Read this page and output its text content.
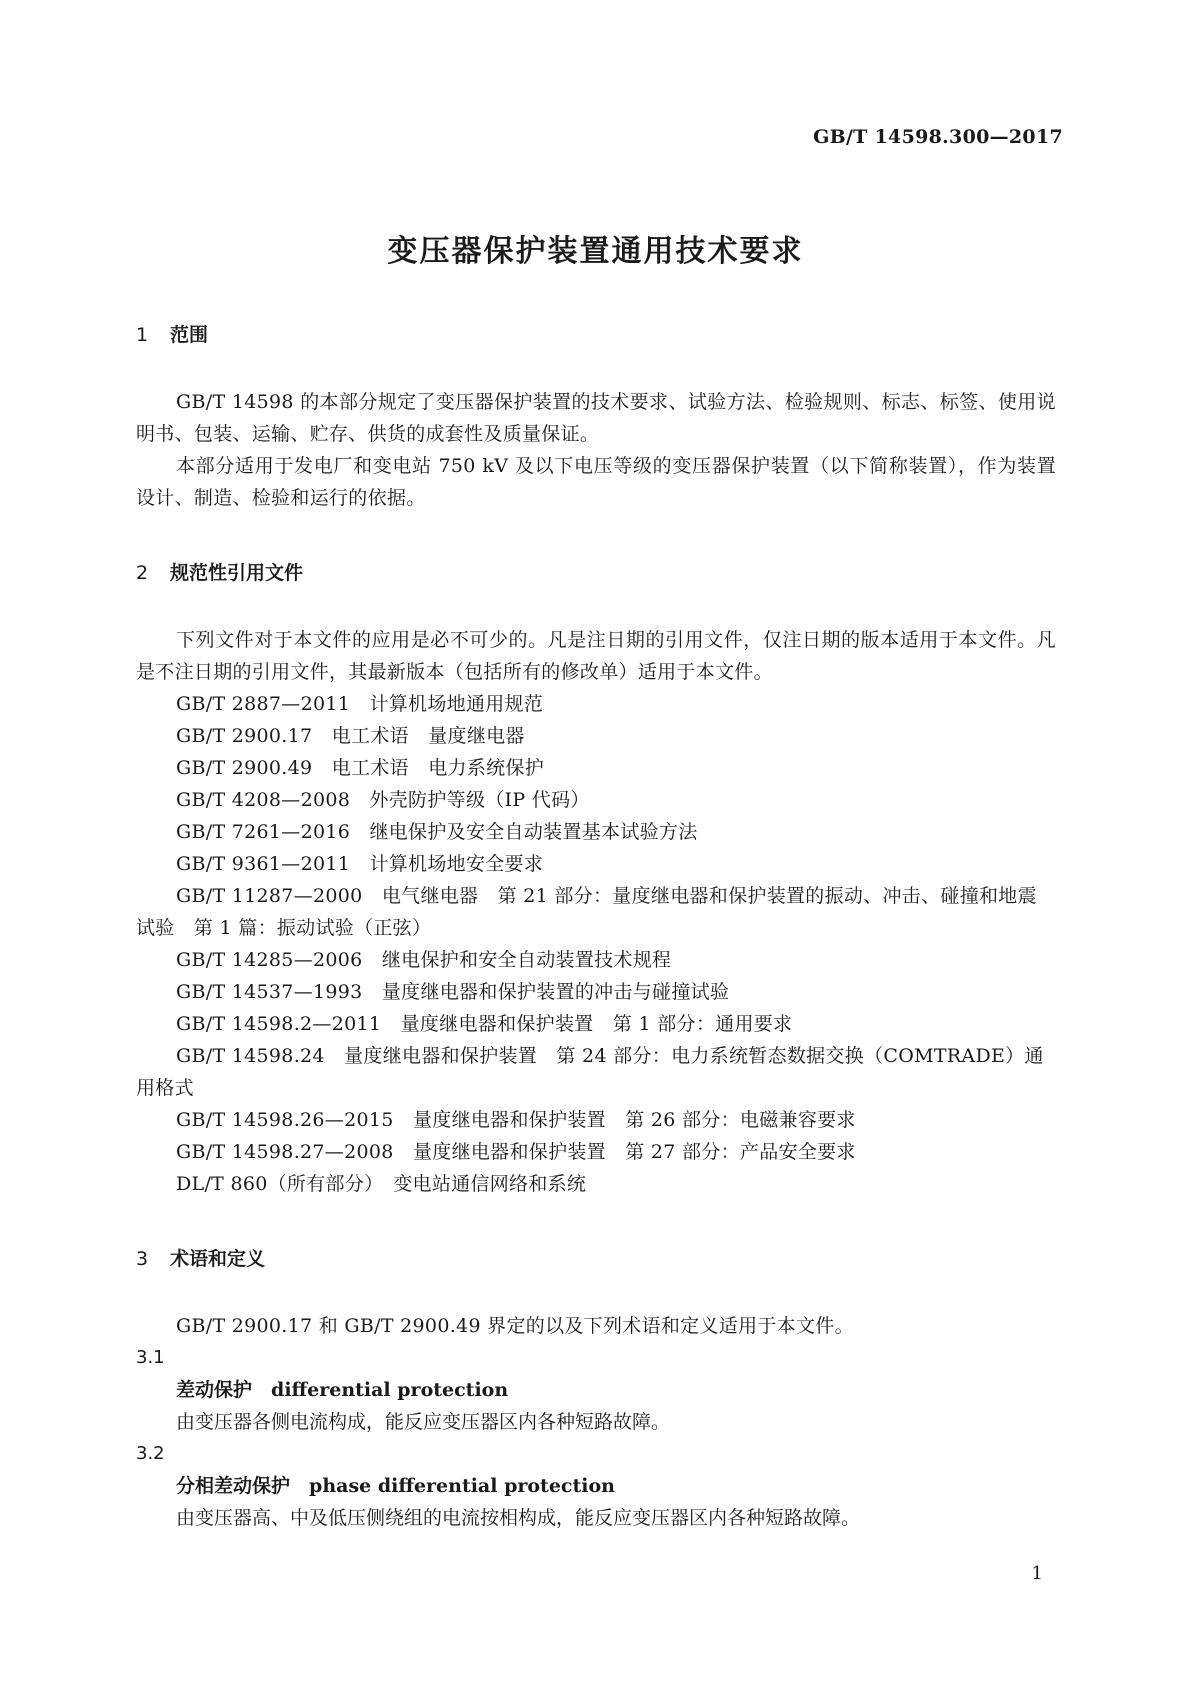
GB/T 14598.300—2017
变压器保护装置通用技术要求
1 范围

GB/T 14598 的本部分规定了变压器保护装置的技术要求、试验方法、检验规则、标志、标签、使用说明书、包装、运输、贮存、供货的成套性及质量保证。

本部分适用于发电厂和变电站 750 kV 及以下电压等级的变压器保护装置（以下简称装置），作为装置设计、制造、检验和运行的依据。

2 规范性引用文件

下列文件对于本文件的应用是必不可少的。凡是注日期的引用文件，仅注日期的版本适用于本文件。凡是不注日期的引用文件，其最新版本（包括所有的修改单）适用于本文件。

GB/T 2887—2011　计算机场地通用规范

GB/T 2900.17　电工术语　量度继电器

GB/T 2900.49　电工术语　电力系统保护

GB/T 4208—2008　外壳防护等级（IP 代码）

GB/T 7261—2016　继电保护及安全自动装置基本试验方法

GB/T 9361—2011　计算机场地安全要求

GB/T 11287—2000　电气继电器　第 21 部分：量度继电器和保护装置的振动、冲击、碰撞和地震试验　第 1 篇：振动试验（正弦）

GB/T 14285—2006　继电保护和安全自动装置技术规程

GB/T 14537—1993　量度继电器和保护装置的冲击与碰撞试验

GB/T 14598.2—2011　量度继电器和保护装置　第 1 部分：通用要求

GB/T 14598.24　量度继电器和保护装置　第 24 部分：电力系统暂态数据交换（COMTRADE）通用格式

GB/T 14598.26—2015　量度继电器和保护装置　第 26 部分：电磁兼容要求

GB/T 14598.27—2008　量度继电器和保护装置　第 27 部分：产品安全要求

DL/T 860（所有部分）　变电站通信网络和系统

3 术语和定义

GB/T 2900.17 和 GB/T 2900.49 界定的以及下列术语和定义适用于本文件。

3.1

差动保护　 differential protection

由变压器各侧电流构成，能反应变压器区内各种短路故障。

3.2

分相差动保护　 phase differential protection

由变压器高、中及低压侧绕组的电流按相构成，能反应变压器区内各种短路故障。

1
